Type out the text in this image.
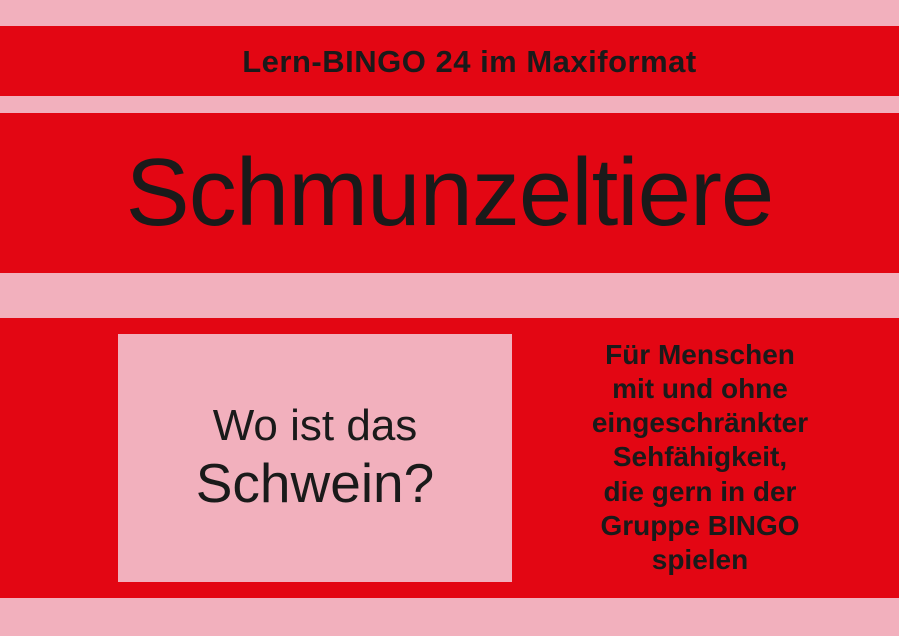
Lern-BINGO 24 im Maxiformat
Schmunzeltiere
Wo ist das
Schwein?
Für Menschen
mit und ohne
eingeschränkter
Sehfähigkeit,
die gern in der
Gruppe BINGO
spielen
